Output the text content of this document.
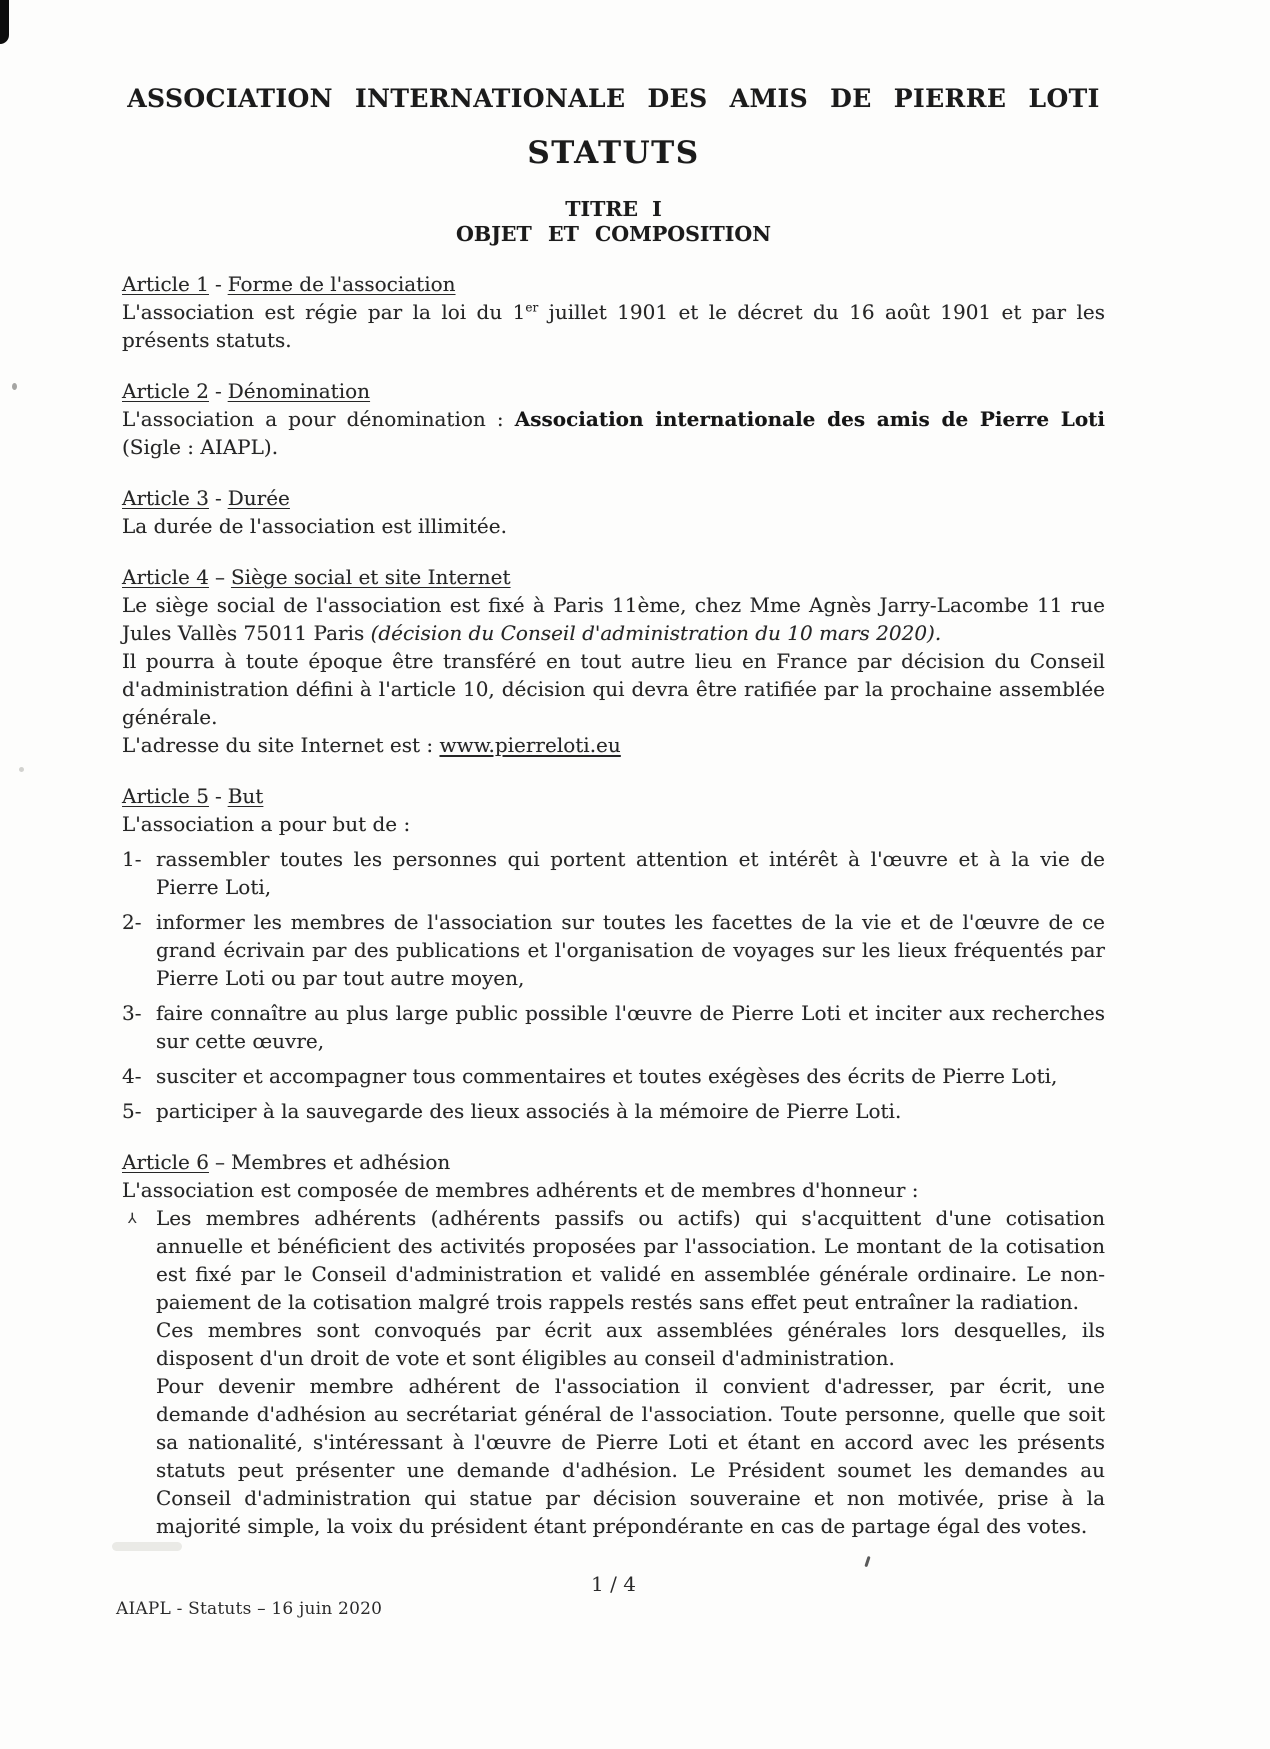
ASSOCIATION INTERNATIONALE DES AMIS DE PIERRE LOTI
STATUTS
TITRE I
OBJET ET COMPOSITION
Article 1 - Forme de l'association

L'association est régie par la loi du 1er juillet 1901 et le décret du 16 août 1901 et par les présents statuts.

Article 2 - Dénomination

L'association a pour dénomination : Association internationale des amis de Pierre Loti (Sigle : AIAPL).

Article 3 - Durée

La durée de l'association est illimitée.

Article 4 – Siège social et site Internet

Le siège social de l'association est fixé à Paris 11ème, chez Mme Agnès Jarry-Lacombe 11 rue Jules Vallès 75011 Paris (décision du Conseil d'administration du 10 mars 2020).

Il pourra à toute époque être transféré en tout autre lieu en France par décision du Conseil d'administration défini à l'article 10, décision qui devra être ratifiée par la prochaine assemblée générale.

L'adresse du site Internet est : www.pierreloti.eu

Article 5 - But

L'association a pour but de :

1- rassembler toutes les personnes qui portent attention et intérêt à l'œuvre et à la vie de Pierre Loti,
2- informer les membres de l'association sur toutes les facettes de la vie et de l'œuvre de ce grand écrivain par des publications et l'organisation de voyages sur les lieux fréquentés par Pierre Loti ou par tout autre moyen,
3- faire connaître au plus large public possible l'œuvre de Pierre Loti et inciter aux recherches sur cette œuvre,
4- susciter et accompagner tous commentaires et toutes exégèses des écrits de Pierre Loti,
5- participer à la sauvegarde des lieux associés à la mémoire de Pierre Loti.
Article 6 – Membres et adhésion

L'association est composée de membres adhérents et de membres d'honneur :

⅄ Les membres adhérents (adhérents passifs ou actifs) qui s'acquittent d'une cotisation annuelle et bénéficient des activités proposées par l'association. Le montant de la cotisation est fixé par le Conseil d'administration et validé en assemblée générale ordinaire. Le non-paiement de la cotisation malgré trois rappels restés sans effet peut entraîner la radiation.

Ces membres sont convoqués par écrit aux assemblées générales lors desquelles, ils disposent d'un droit de vote et sont éligibles au conseil d'administration.

Pour devenir membre adhérent de l'association il convient d'adresser, par écrit, une demande d'adhésion au secrétariat général de l'association. Toute personne, quelle que soit sa nationalité, s'intéressant à l'œuvre de Pierre Loti et étant en accord avec les présents statuts peut présenter une demande d'adhésion. Le Président soumet les demandes au Conseil d'administration qui statue par décision souveraine et non motivée, prise à la majorité simple, la voix du président étant prépondérante en cas de partage égal des votes.

1 / 4
AIAPL - Statuts – 16 juin 2020
